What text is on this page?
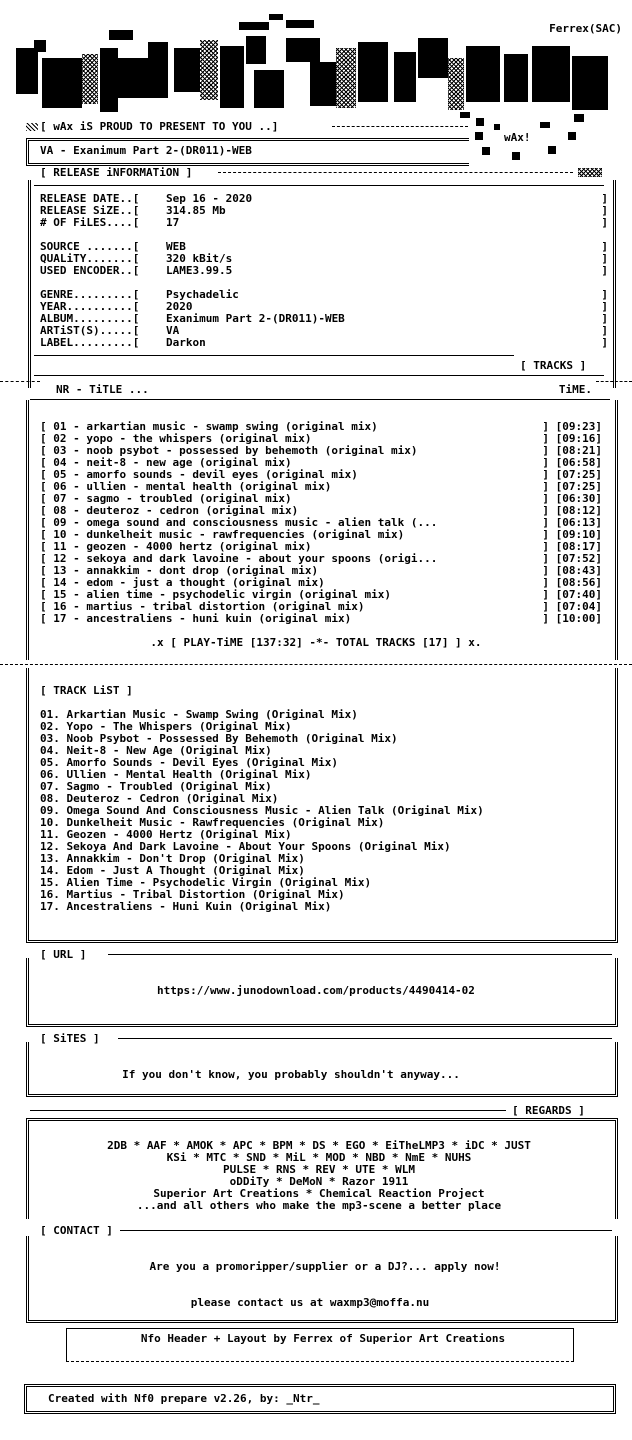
Ferrex(SAC)
[ wAx iS PROUD TO PRESENT TO YOU ..]
wAx!
VA - Exanimum Part 2-(DR011)-WEB
[ RELEASE iNFORMATiON ]
RELEASE DATE..[ Sep 16 - 2020	]
RELEASE SiZE..[ 314.85 Mb	]
# OF FiLES....[ 17	]
SOURCE .......[ WEB	]
QUALiTY.......[ 320 kBit/s	]
USED ENCODER..[ LAME3.99.5	]
GENRE.........[ Psychadelic	]
YEAR..........[ 2020	]
ALBUM.........[ Exanimum Part 2-(DR011)-WEB	]
ARTiST(S).....[ VA	]
LABEL.........[ Darkon	]
[ TRACKS ]
NR - TiTLE ...	TiME.
[ 01 - arkartian music - swamp swing (original mix)	] [09:23]
[ 02 - yopo - the whispers (original mix)	] [09:16]
[ 03 - noob psybot - possessed by behemoth (original mix)	] [08:21]
[ 04 - neit-8 - new age (original mix)	] [06:58]
[ 05 - amorfo sounds - devil eyes (original mix)	] [07:25]
[ 06 - ullien - mental health (original mix)	] [07:25]
[ 07 - sagmo - troubled (original mix)	] [06:30]
[ 08 - deuteroz - cedron (original mix)	] [08:12]
[ 09 - omega sound and consciousness music - alien talk (...	] [06:13]
[ 10 - dunkelheit music - rawfrequencies (original mix)	] [09:10]
[ 11 - geozen - 4000 hertz (original mix)	] [08:17]
[ 12 - sekoya and dark lavoine - about your spoons (origi...	] [07:52]
[ 13 - annakkim - dont drop (original mix)	] [08:43]
[ 14 - edom - just a thought (original mix)	] [08:56]
[ 15 - alien time - psychodelic virgin (original mix)	] [07:40]
[ 16 - martius - tribal distortion (original mix)	] [07:04]
[ 17 - ancestraliens - huni kuin (original mix)	] [10:00]
.x [ PLAY-TiME [137:32] -*- TOTAL TRACKS [17] ] x.
[ TRACK LiST ]
01. Arkartian Music - Swamp Swing (Original Mix)
02. Yopo - The Whispers (Original Mix)
03. Noob Psybot - Possessed By Behemoth (Original Mix)
04. Neit-8 - New Age (Original Mix)
05. Amorfo Sounds - Devil Eyes (Original Mix)
06. Ullien - Mental Health (Original Mix)
07. Sagmo - Troubled (Original Mix)
08. Deuteroz - Cedron (Original Mix)
09. Omega Sound And Consciousness Music - Alien Talk (Original Mix)
10. Dunkelheit Music - Rawfrequencies (Original Mix)
11. Geozen - 4000 Hertz (Original Mix)
12. Sekoya And Dark Lavoine - About Your Spoons (Original Mix)
13. Annakkim - Don't Drop (Original Mix)
14. Edom - Just A Thought (Original Mix)
15. Alien Time - Psychodelic Virgin (Original Mix)
16. Martius - Tribal Distortion (Original Mix)
17. Ancestraliens - Huni Kuin (Original Mix)
[ URL ]
https://www.junodownload.com/products/4490414-02
[ SiTES ]
If you don't know, you probably shouldn't anyway...
[ REGARDS ]
2DB * AAF * AMOK * APC * BPM * DS * EGO * EiTheLMP3 * iDC * JUST
KSi * MTC * SND * MiL * MOD * NBD * NmE * NUHS
PULSE * RNS * REV * UTE * WLM
oDDiTy * DeMoN * Razor 1911
Superior Art Creations * Chemical Reaction Project
...and all others who make the mp3-scene a better place
[ CONTACT ]
Are you a promoripper/supplier or a DJ?... apply now!
please contact us at waxmp3@moffa.nu
Nfo Header + Layout by Ferrex of Superior Art Creations
Created with Nf0 prepare v2.26, by: _Ntr_
